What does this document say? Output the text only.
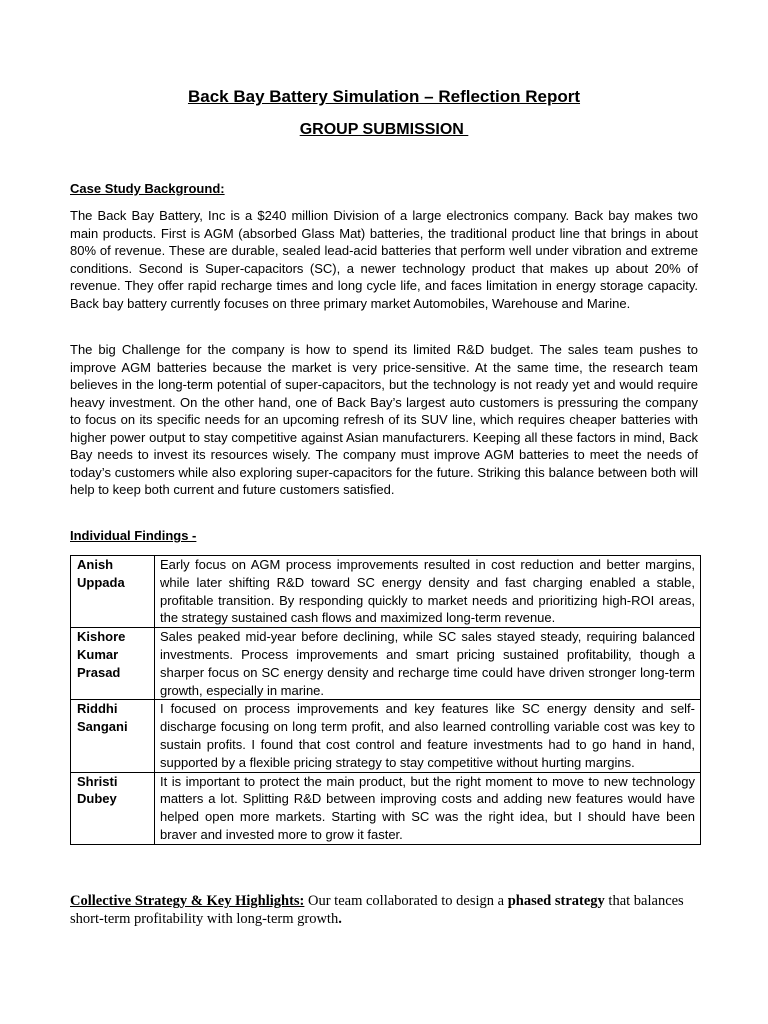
Back Bay Battery Simulation – Reflection Report
GROUP SUBMISSION
Case Study Background:

The Back Bay Battery, Inc is a $240 million Division of a large electronics company. Back bay makes two main products. First is AGM (absorbed Glass Mat) batteries, the traditional product line that brings in about 80% of revenue. These are durable, sealed lead-acid batteries that perform well under vibration and extreme conditions. Second is Super-capacitors (SC), a newer technology product that makes up about 20% of revenue. They offer rapid recharge times and long cycle life, and faces limitation in energy storage capacity. Back bay battery currently focuses on three primary market Automobiles, Warehouse and Marine.

The big Challenge for the company is how to spend its limited R&D budget. The sales team pushes to improve AGM batteries because the market is very price-sensitive. At the same time, the research team believes in the long-term potential of super-capacitors, but the technology is not ready yet and would require heavy investment. On the other hand, one of Back Bay’s largest auto customers is pressuring the company to focus on its specific needs for an upcoming refresh of its SUV line, which requires cheaper batteries with higher power output to stay competitive against Asian manufacturers. Keeping all these factors in mind, Back Bay needs to invest its resources wisely. The company must improve AGM batteries to meet the needs of today’s customers while also exploring super-capacitors for the future. Striking this balance between both will help to keep both current and future customers satisfied.

Individual Findings -
Anish Uppada	Early focus on AGM process improvements resulted in cost reduction and better margins, while later shifting R&D toward SC energy density and fast charging enabled a stable, profitable transition. By responding quickly to market needs and prioritizing high-ROI areas, the strategy sustained cash flows and maximized long-term revenue.
Kishore Kumar Prasad	Sales peaked mid-year before declining, while SC sales stayed steady, requiring balanced investments. Process improvements and smart pricing sustained profitability, though a sharper focus on SC energy density and recharge time could have driven stronger long-term growth, especially in marine.
Riddhi Sangani	I focused on process improvements and key features like SC energy density and self-discharge focusing on long term profit, and also learned controlling variable cost was key to sustain profits. I found that cost control and feature investments had to go hand in hand, supported by a flexible pricing strategy to stay competitive without hurting margins.
Shristi Dubey	It is important to protect the main product, but the right moment to move to new technology matters a lot. Splitting R&D between improving costs and adding new features would have helped open more markets. Starting with SC was the right idea, but I should have been braver and invested more to grow it faster.

Collective Strategy & Key Highlights: Our team collaborated to design a phased strategy that balances short-term profitability with long-term growth.
